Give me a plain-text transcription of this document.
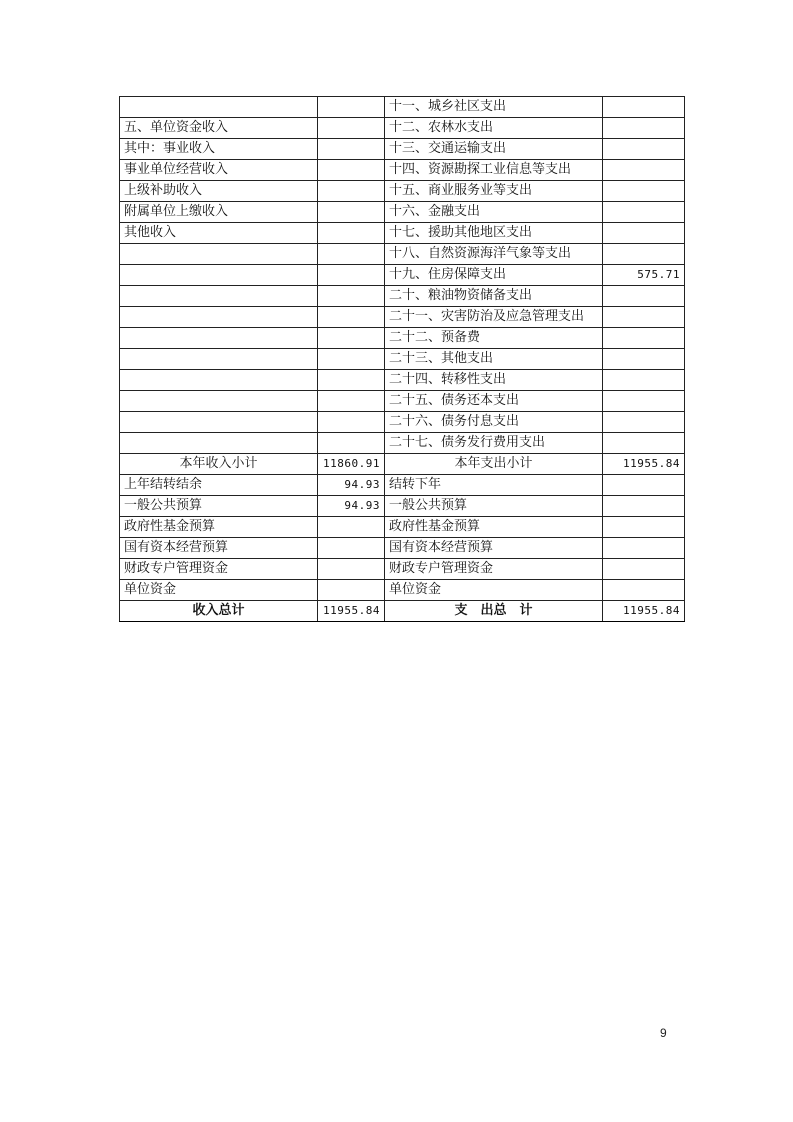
		十一、城乡社区支出	
五、单位资金收入		十二、农林水支出	
其中：事业收入		十三、交通运输支出	
事业单位经营收入		十四、资源勘探工业信息等支出	
上级补助收入		十五、商业服务业等支出	
附属单位上缴收入		十六、金融支出	
其他收入		十七、援助其他地区支出	
		十八、自然资源海洋气象等支出	
		十九、住房保障支出	575.71
		二十、粮油物资储备支出	
		二十一、灾害防治及应急管理支出	
		二十二、预备费	
		二十三、其他支出	
		二十四、转移性支出	
		二十五、债务还本支出	
		二十六、债务付息支出	
		二十七、债务发行费用支出	
本年收入小计	11860.91	本年支出小计	11955.84
上年结转结余	94.93	结转下年	
一般公共预算	94.93	一般公共预算	
政府性基金预算		政府性基金预算	
国有资本经营预算		国有资本经营预算	
财政专户管理资金		财政专户管理资金	
单位资金		单位资金	
收入总计	11955.84	支　出总　计	11955.84
9
